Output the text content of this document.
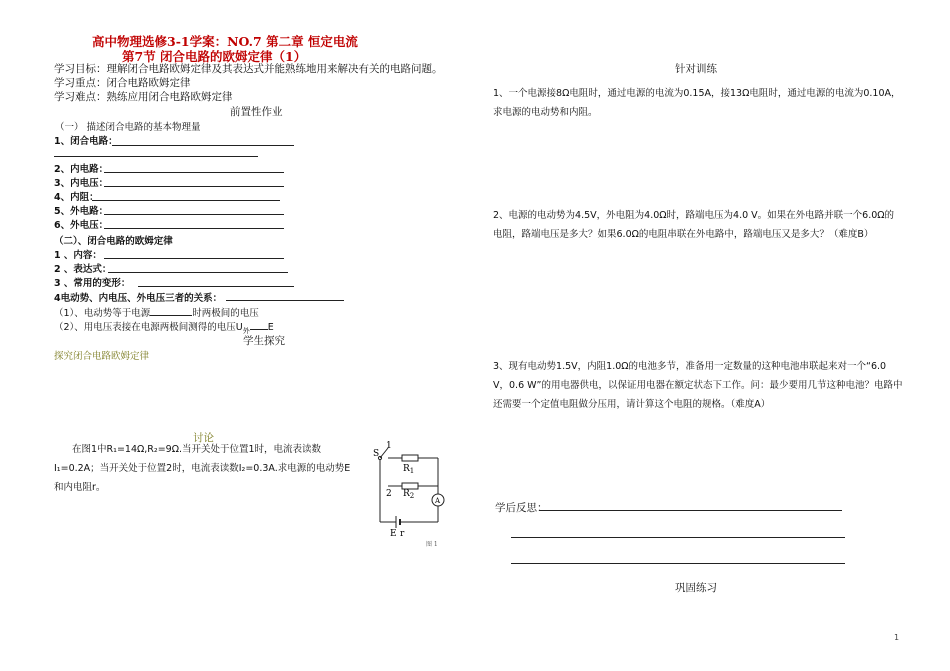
高中物理选修3-1学案：NO.7 第二章 恒定电流
第7节 闭合电路的欧姆定律（1）
学习目标：理解闭合电路欧姆定律及其表达式并能熟练地用来解决有关的电路问题。
学习重点：闭合电路欧姆定律
学习难点：熟练应用闭合电路欧姆定律
前置性作业
（一） 描述闭合电路的基本物理量
1、闭合电路：
2、内电路：
3、内电压：
4、内阻：
5、外电路：
6、外电压：
（二）、闭合电路的欧姆定律
1 、内容：
2 、表达式：
3 、常用的变形：
4电动势、内电压、外电压三者的关系：
（1）、电动势等于电源	时两极间的电压
（2）、用电压表接在电源两极间测得的电压$U_外$ E
学生探究
探究闭合电路欧姆定律
讨论
在图1中R₁=14Ω,R₂=9Ω.当开关处于位置1时，电流表读数I₁=0.2A；当开关处于位置2时，电流表读数I₂=0.3A.求电源的电动势E和内电阻r。
S
1
2
$R_1$
$R_2$
A
E r
图 1
针对训练
1、一个电源接8Ω电阻时，通过电源的电流为0.15A，接13Ω电阻时，通过电源的电流为0.10A，求电源的电动势和内阻。
2、电源的电动势为4.5V，外电阻为4.0Ω时，路端电压为4.0 V。如果在外电路并联一个6.0Ω的电阻，路端电压是多大？如果6.0Ω的电阻串联在外电路中，路端电压又是多大？（难度B）
3、现有电动势1.5V，内阻1.0Ω的电池多节，准备用一定数量的这种电池串联起来对一个“6.0 V，0.6 W”的用电器供电，以保证用电器在额定状态下工作。问：最少要用几节这种电池？电路中还需要一个定值电阻做分压用，请计算这个电阻的规格。（难度A）
学后反思：
巩固练习
1
